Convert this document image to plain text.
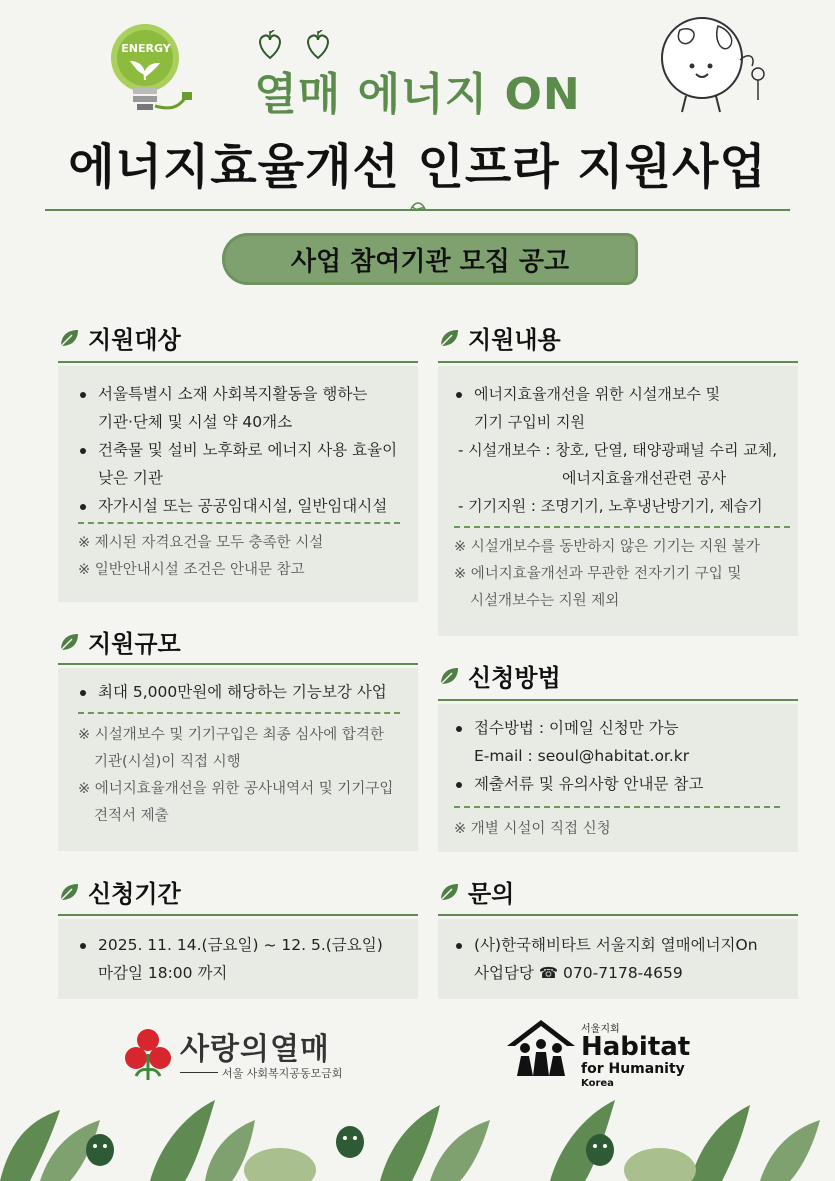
ENERGY
열매 에너지 ON
에너지효율개선 인프라 지원사업
사업 참여기관 모집 공고
지원대상
서울특별시 소재 사회복지활동을 행하는
기관·단체 및 시설 약 40개소
건축물 및 설비 노후화로 에너지 사용 효율이
낮은 기관
자가시설 또는 공공임대시설, 일반임대시설
※ 제시된 자격요건을 모두 충족한 시설
※ 일반안내시설 조건은 안내문 참고
지원규모
최대 5,000만원에 해당하는 기능보강 사업
※ 시설개보수 및 기기구입은 최종 심사에 합격한
기관(시설)이 직접 시행
※ 에너지효율개선을 위한 공사내역서 및 기기구입
견적서 제출
신청기간
2025. 11. 14.(금요일) ~ 12. 5.(금요일)
마감일 18:00 까지
지원내용
에너지효율개선을 위한 시설개보수 및
기기 구입비 지원
- 시설개보수 : 창호, 단열, 태양광패널 수리 교체,
에너지효율개선관련 공사
- 기기지원 : 조명기기, 노후냉난방기기, 제습기
※ 시설개보수를 동반하지 않은 기기는 지원 불가
※ 에너지효율개선과 무관한 전자기기 구입 및
시설개보수는 지원 제외
신청방법
접수방법 : 이메일 신청만 가능
E-mail : seoul@habitat.or.kr
제출서류 및 유의사항 안내문 참고
※ 개별 시설이 직접 신청
문의
(사)한국해비타트 서울지회 열매에너지On
사업담당 ☎ 070-7178-4659
사랑의열매
서울 사회복지공동모금회
서울지회
Habitat
for Humanity
Korea
